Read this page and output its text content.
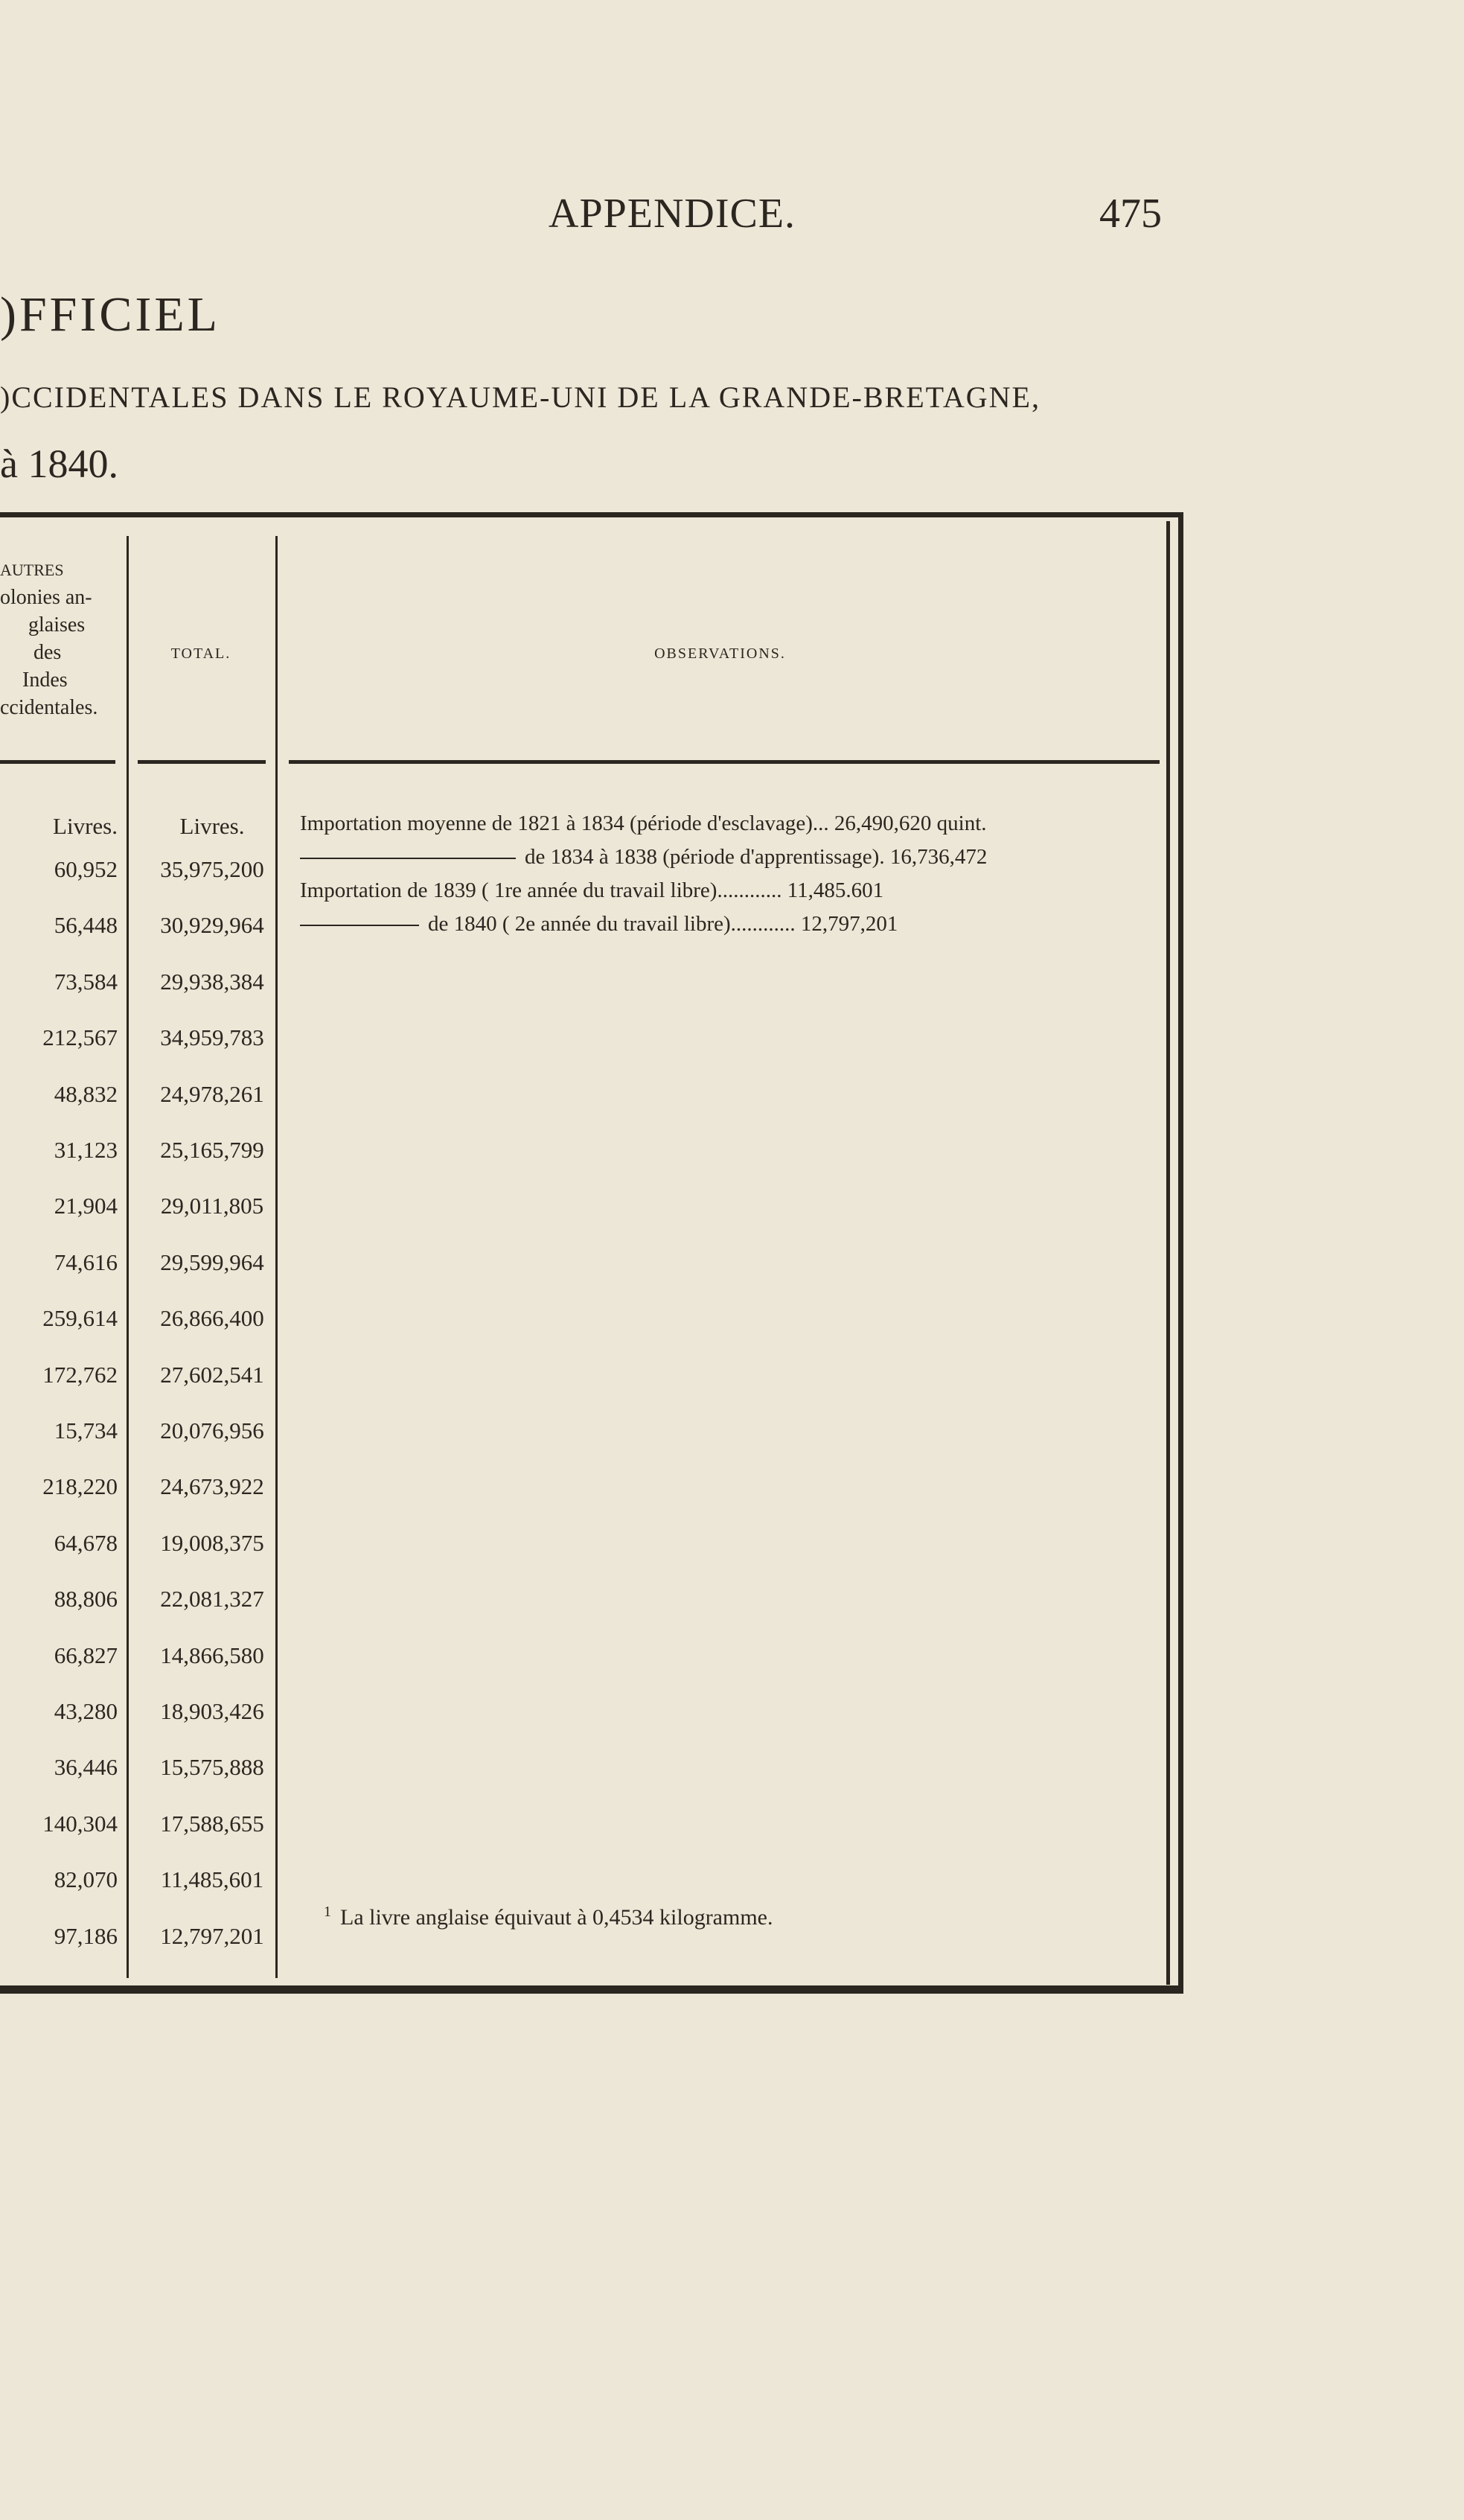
APPENDICE.	475
)FFICIEL
)CCIDENTALES DANS LE ROYAUME-UNI DE LA GRANDE-BRETAGNE,
à 1840.
AUTRES
olonies an-
glaises
des
Indes
ccidentales.
TOTAL.	OBSERVATIONS.
Livres.	Livres.
60,952	35,975,200
56,448	30,929,964
73,584	29,938,384
212,567	34,959,783
48,832	24,978,261
31,123	25,165,799
21,904	29,011,805
74,616	29,599,964
259,614	26,866,400
172,762	27,602,541
15,734	20,076,956
218,220	24,673,922
64,678	19,008,375
88,806	22,081,327
66,827	14,866,580
43,280	18,903,426
36,446	15,575,888
140,304	17,588,655
82,070	11,485,601
97,186	12,797,201
Importation moyenne de 1821 à 1834 (période d'esclavage)... 26,490,620 quint.
de 1834 à 1838 (période d'apprentissage). 16,736,472
Importation de 1839 ( 1re année du travail libre)............ 11,485.601
de 1840 ( 2e année du travail libre)............ 12,797,201
$^1$ La livre anglaise équivaut à 0,4534 kilogramme.
